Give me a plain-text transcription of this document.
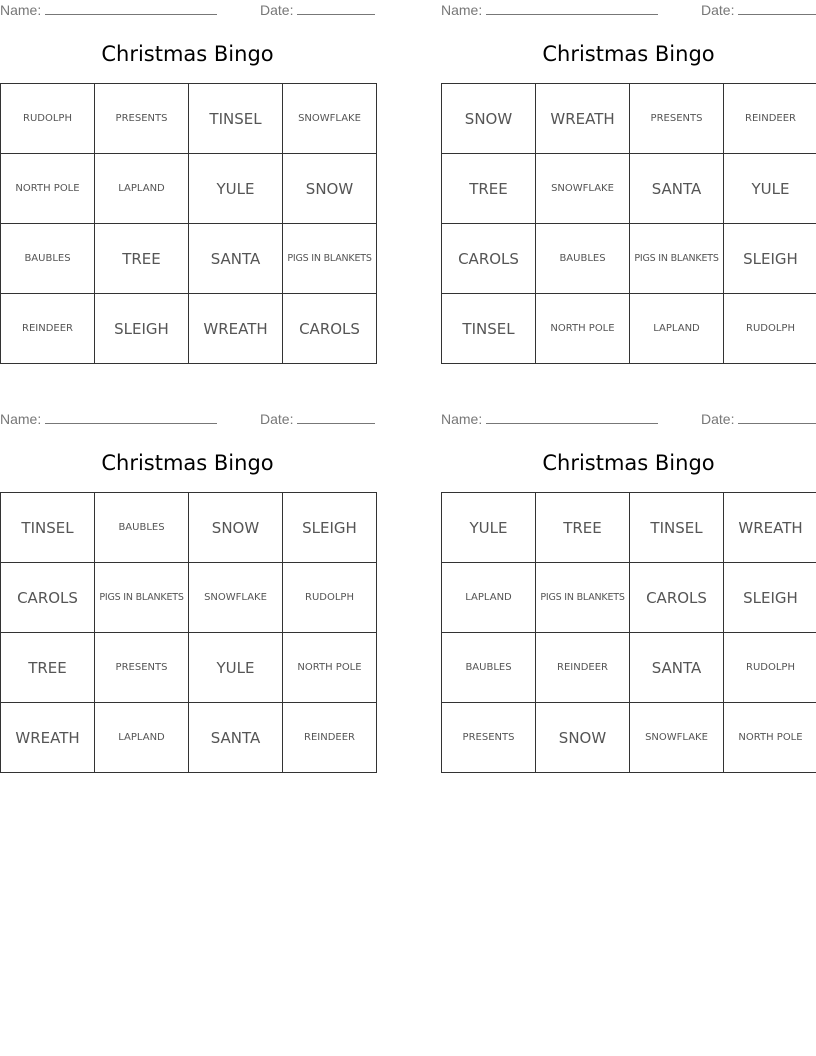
Name:	Date:
Christmas Bingo
RUDOLPH	PRESENTS	TINSEL	SNOWFLAKE
NORTH POLE	LAPLAND	YULE	SNOW
BAUBLES	TREE	SANTA	PIGS IN BLANKETS
REINDEER	SLEIGH	WREATH	CAROLS
Name:	Date:
Christmas Bingo
SNOW	WREATH	PRESENTS	REINDEER
TREE	SNOWFLAKE	SANTA	YULE
CAROLS	BAUBLES	PIGS IN BLANKETS	SLEIGH
TINSEL	NORTH POLE	LAPLAND	RUDOLPH
Name:	Date:
Christmas Bingo
TINSEL	BAUBLES	SNOW	SLEIGH
CAROLS	PIGS IN BLANKETS	SNOWFLAKE	RUDOLPH
TREE	PRESENTS	YULE	NORTH POLE
WREATH	LAPLAND	SANTA	REINDEER
Name:	Date:
Christmas Bingo
YULE	TREE	TINSEL	WREATH
LAPLAND	PIGS IN BLANKETS	CAROLS	SLEIGH
BAUBLES	REINDEER	SANTA	RUDOLPH
PRESENTS	SNOW	SNOWFLAKE	NORTH POLE
